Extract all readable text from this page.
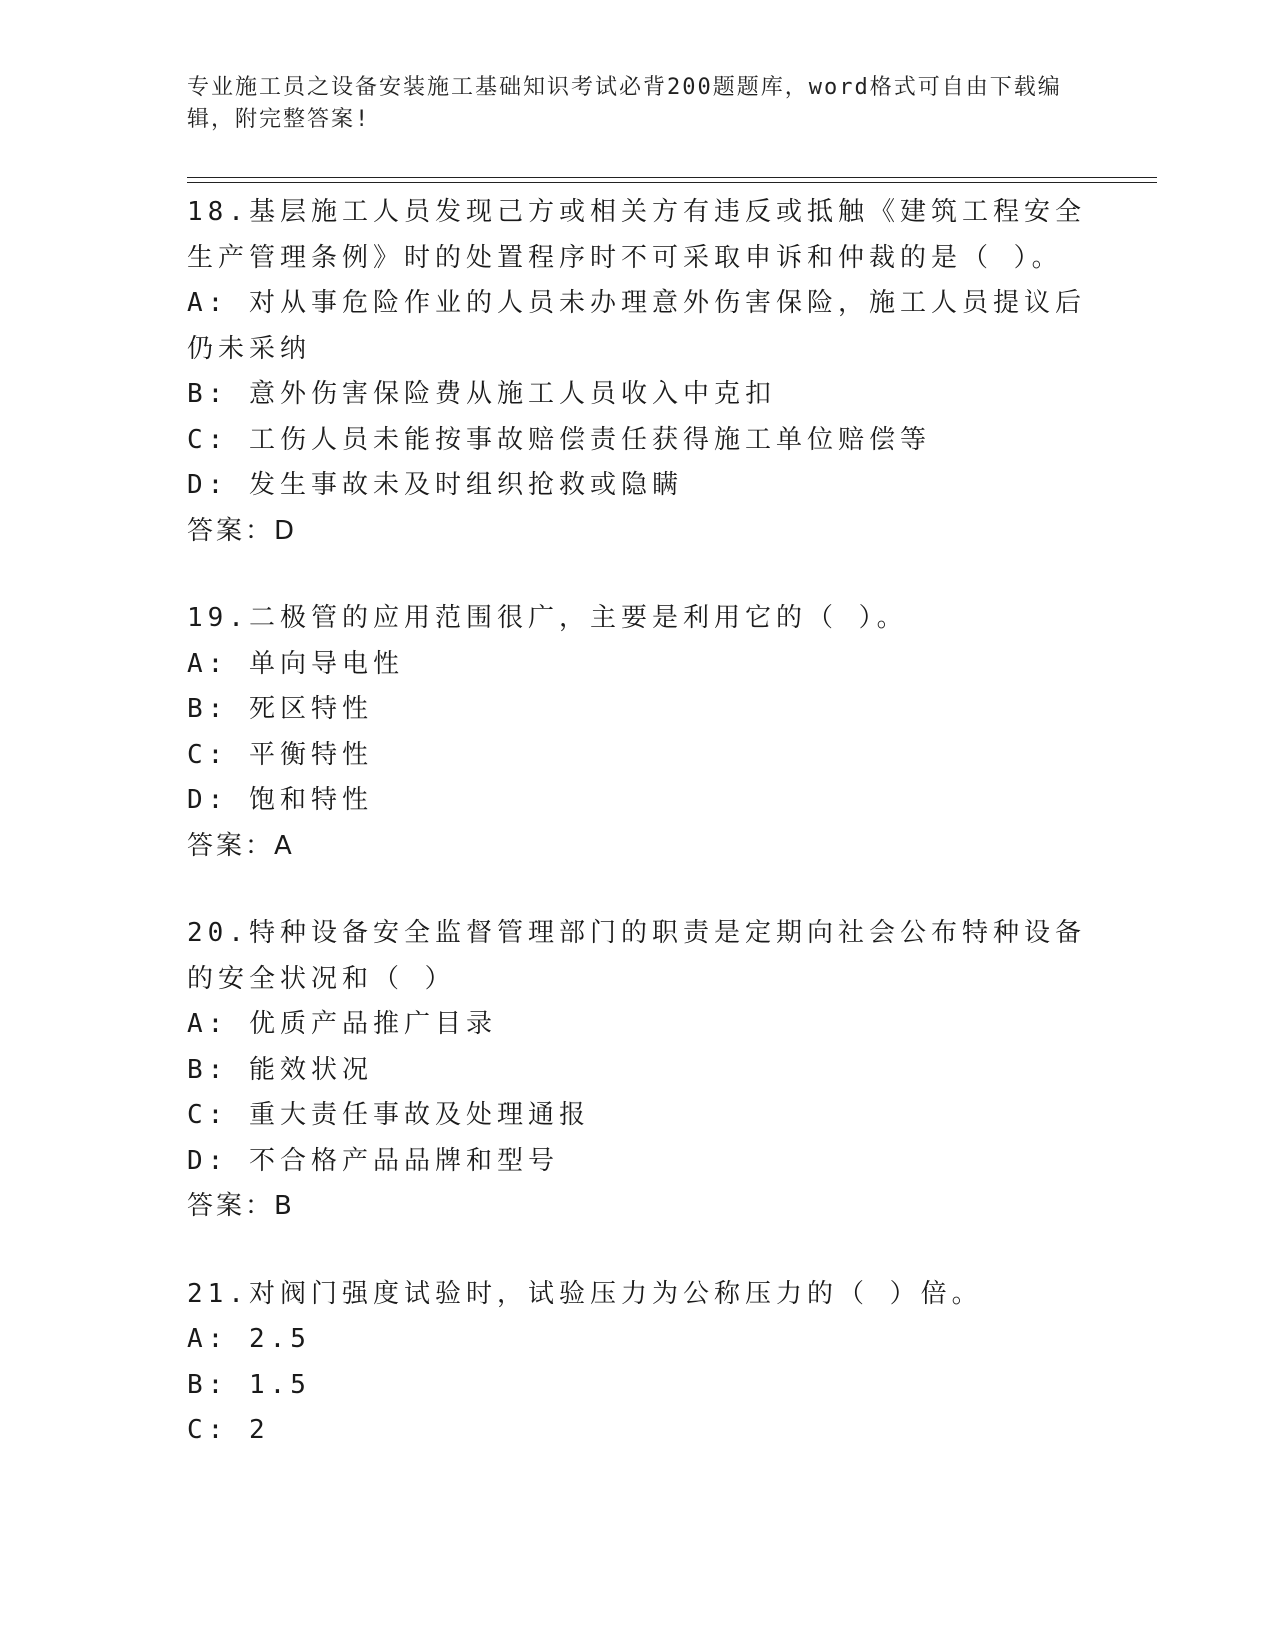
专业施工员之设备安装施工基础知识考试必背200题题库，word格式可自由下载编辑，附完整答案!
18.基层施工人员发现己方或相关方有违反或抵触《建筑工程安全生产管理条例》时的处置程序时不可采取申诉和仲裁的是（ ）。
A: 对从事危险作业的人员未办理意外伤害保险，施工人员提议后仍未采纳
B: 意外伤害保险费从施工人员收入中克扣
C: 工伤人员未能按事故赔偿责任获得施工单位赔偿等
D: 发生事故未及时组织抢救或隐瞒
答案：D
19.二极管的应用范围很广，主要是利用它的（ ）。
A: 单向导电性
B: 死区特性
C: 平衡特性
D: 饱和特性
答案：A
20.特种设备安全监督管理部门的职责是定期向社会公布特种设备的安全状况和（ ）
A: 优质产品推广目录
B: 能效状况
C: 重大责任事故及处理通报
D: 不合格产品品牌和型号
答案：B
21.对阀门强度试验时，试验压力为公称压力的（ ）倍。
A: 2.5
B: 1.5
C: 2
